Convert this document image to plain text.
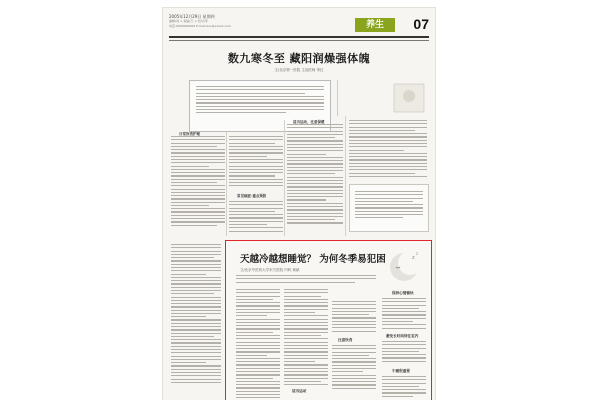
2005年12月29日 星期四
编辑/刘 × 美编/王 × 校对/李
电话:0000000000 E-mail:xxx@xxxxx.com	养生	07
数九寒冬至 藏阳润燥强体魄
文/北京第一医院 主治医师 李红
日常饮食护理
常见病症·重点预防
适当运动，注意保暖
天越冷越想睡觉？ 为何冬季易犯困
文/北京中医药大学东方医院 内科 黄斌
z
z
适当运动
注意饮食
保持心情愉快
避免长时间待在室内
午睡很重要
